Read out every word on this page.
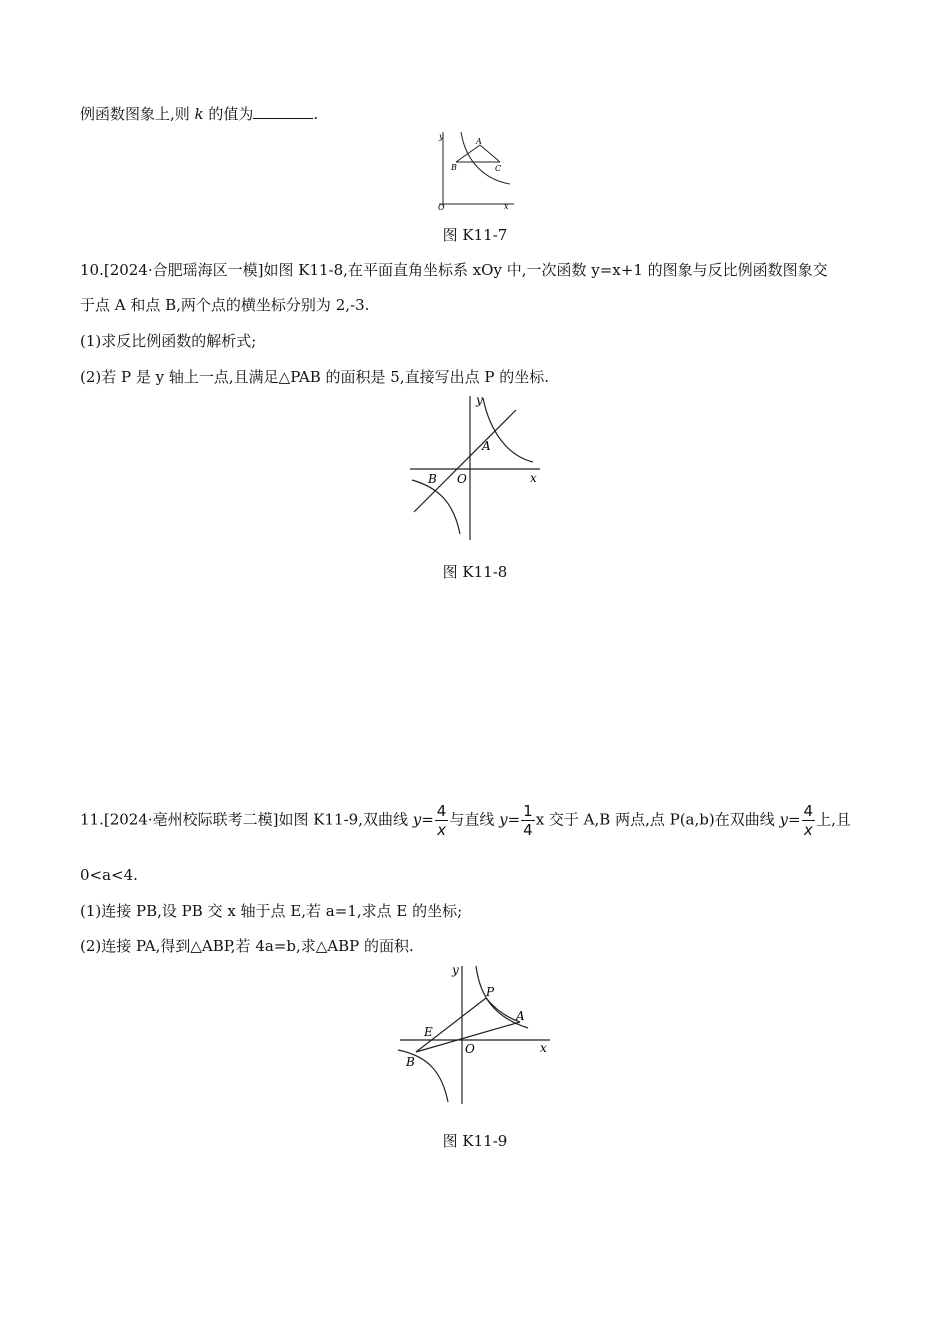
例函数图象上,则 k 的值为	.
y
x
O
A
B	C
图 K11-7
10.[2024·合肥瑶海区一模]如图 K11-8,在平面直角坐标系 xOy 中,一次函数 y=x+1 的图象与反比例函数图象交
于点 A 和点 B,两个点的横坐标分别为 2,-3.
(1)求反比例函数的解析式;
(2)若 P 是 y 轴上一点,且满足△PAB 的面积是 5,直接写出点 P 的坐标.
y
x
O
A
B
图 K11-8
11.[2024·亳州校际联考二模]如图 K11-9,双曲线 $y= \frac{4}{x}$ 与直线 $y= \frac{1}{4}$ x 交于 A,B 两点,点 P(a,b)在双曲线 $y= \frac{4}{x}$ 上,且
0<a<4.
(1)连接 PB,设 PB 交 x 轴于点 E,若 a=1,求点 E 的坐标;
(2)连接 PA,得到△ABP,若 4a=b,求△ABP 的面积.
y
x
O
A
B
E
P
图 K11-9
